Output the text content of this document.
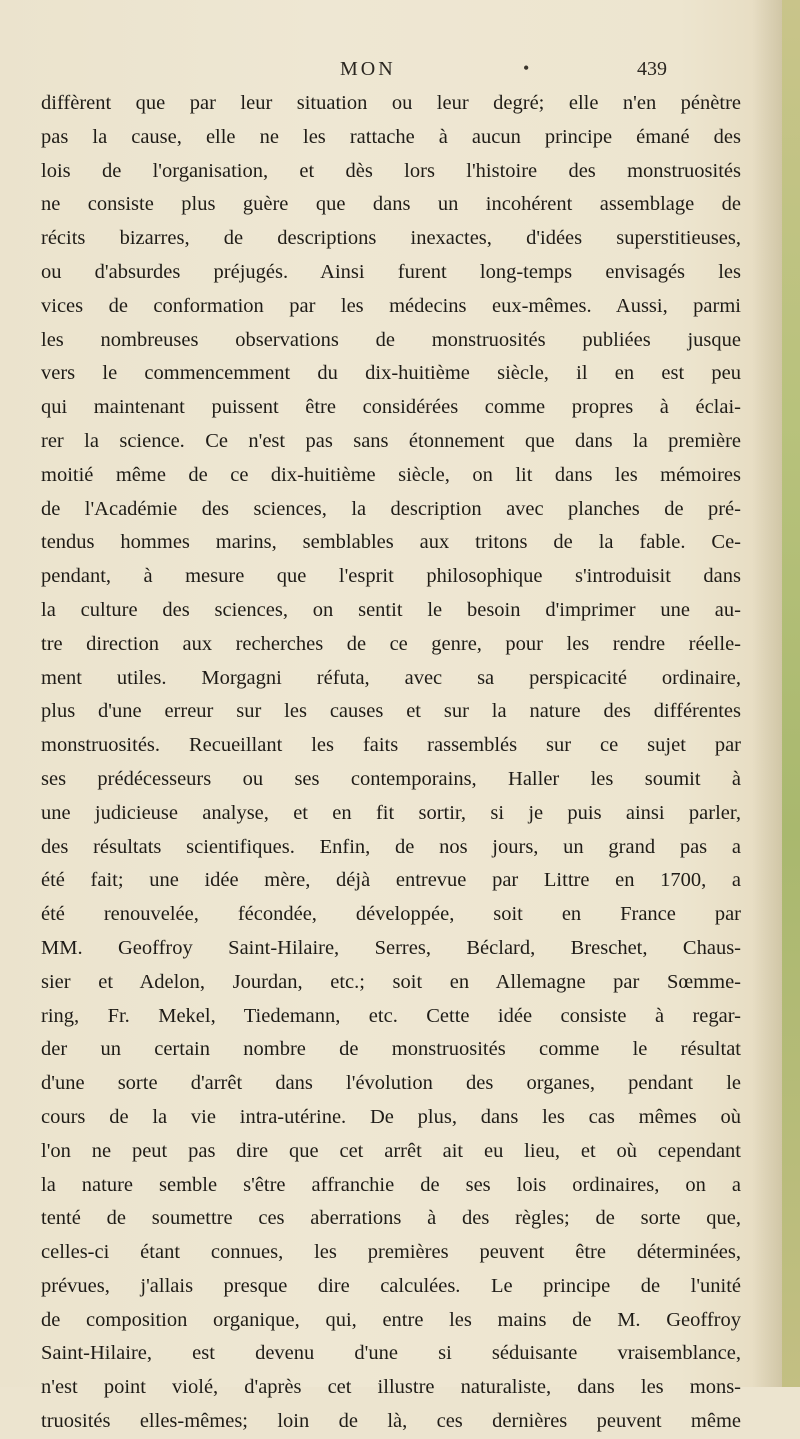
MON	•	439
diffèrent que par leur situation ou leur degré; elle n'en pénètre
pas la cause, elle ne les rattache à aucun principe émané des
lois de l'organisation, et dès lors l'histoire des monstruosités
ne consiste plus guère que dans un incohérent assemblage de
récits bizarres, de descriptions inexactes, d'idées superstitieuses,
ou d'absurdes préjugés. Ainsi furent long-temps envisagés les
vices de conformation par les médecins eux-mêmes. Aussi, parmi
les nombreuses observations de monstruosités publiées jusque
vers le commencemment du dix-huitième siècle, il en est peu
qui maintenant puissent être considérées comme propres à éclai-
rer la science. Ce n'est pas sans étonnement que dans la première
moitié même de ce dix-huitième siècle, on lit dans les mémoires
de l'Académie des sciences, la description avec planches de pré-
tendus hommes marins, semblables aux tritons de la fable. Ce-
pendant, à mesure que l'esprit philosophique s'introduisit dans
la culture des sciences, on sentit le besoin d'imprimer une au-
tre direction aux recherches de ce genre, pour les rendre réelle-
ment utiles. Morgagni réfuta, avec sa perspicacité ordinaire,
plus d'une erreur sur les causes et sur la nature des différentes
monstruosités. Recueillant les faits rassemblés sur ce sujet par
ses prédécesseurs ou ses contemporains, Haller les soumit à
une judicieuse analyse, et en fit sortir, si je puis ainsi parler,
des résultats scientifiques. Enfin, de nos jours, un grand pas a
été fait; une idée mère, déjà entrevue par Littre en 1700, a
été renouvelée, fécondée, développée, soit en France par
MM. Geoffroy Saint-Hilaire, Serres, Béclard, Breschet, Chaus-
sier et Adelon, Jourdan, etc.; soit en Allemagne par Sœmme-
ring, Fr. Mekel, Tiedemann, etc. Cette idée consiste à regar-
der un certain nombre de monstruosités comme le résultat
d'une sorte d'arrêt dans l'évolution des organes, pendant le
cours de la vie intra-utérine. De plus, dans les cas mêmes où
l'on ne peut pas dire que cet arrêt ait eu lieu, et où cependant
la nature semble s'être affranchie de ses lois ordinaires, on a
tenté de soumettre ces aberrations à des règles; de sorte que,
celles-ci étant connues, les premières peuvent être déterminées,
prévues, j'allais presque dire calculées. Le principe de l'unité
de composition organique, qui, entre les mains de M. Geoffroy
Saint-Hilaire, est devenu d'une si séduisante vraisemblance,
n'est point violé, d'après cet illustre naturaliste, dans les mons-
truosités elles-mêmes; loin de là, ces dernières peuvent même
